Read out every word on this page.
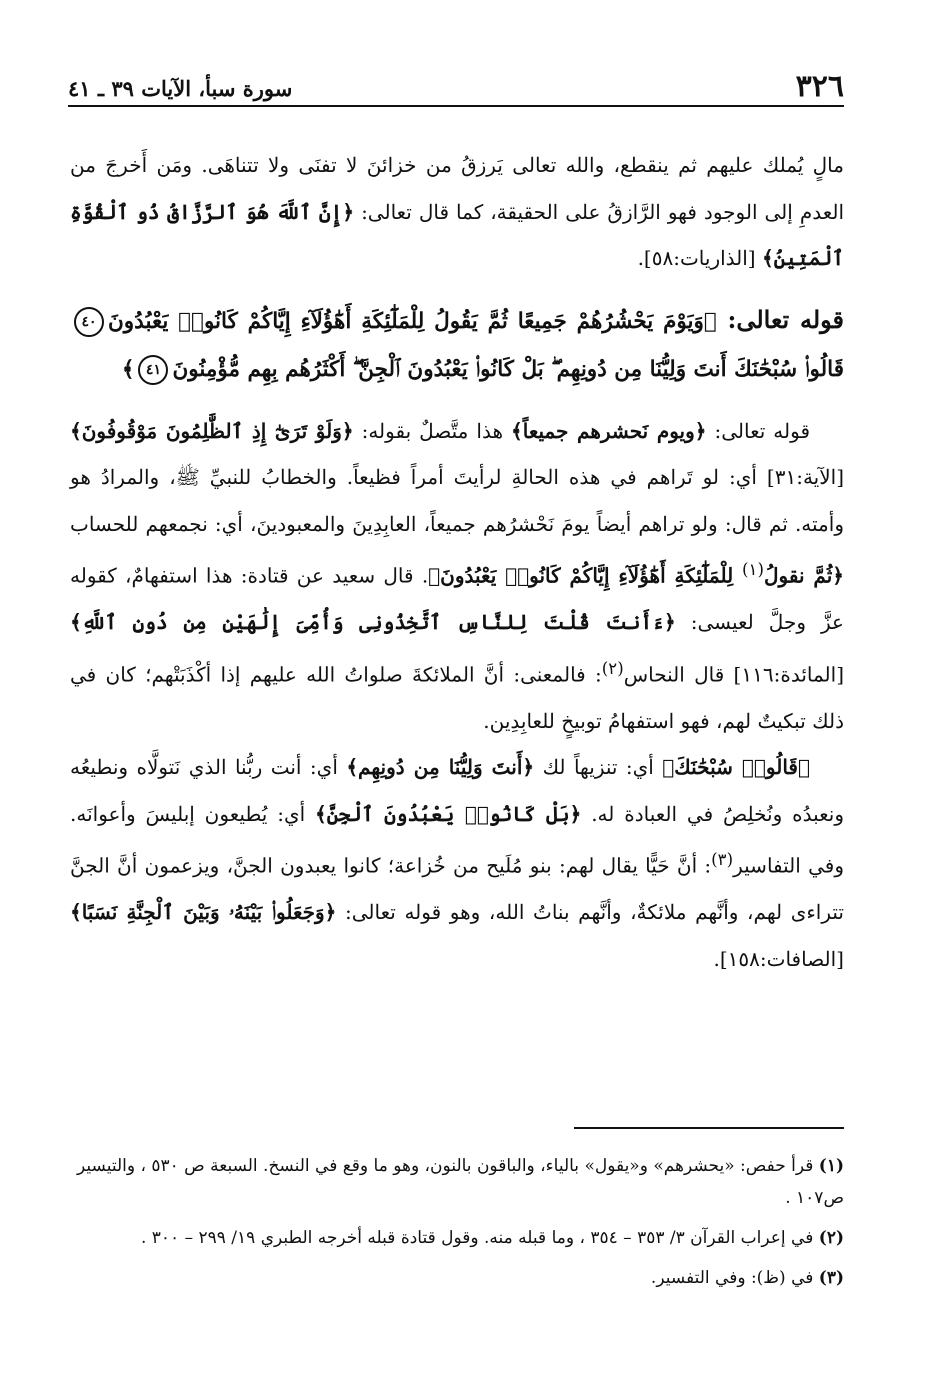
٣٢٦
سورة سبأ، الآيات ٣٩ ـ ٤١

مالٍ يُملك عليهم ثم ينقطع، والله تعالى يَرزقُ من خزائنَ لا تفنَى ولا تتناهَى. ومَن أَخرجَ من العدمِ إلى الوجود فهو الرَّازقُ على الحقيقة، كما قال تعالى: ﴿إِنَّ ٱللَّهَ هُوَ ٱلرَّزَّاقُ ذُو ٱلْقُوَّةِ ٱلْمَتِينُ﴾ [الذاريات:٥٨].

قوله تعالى: ﴿وَيَوْمَ يَحْشُرُهُمْ جَمِيعًا ثُمَّ يَقُولُ لِلْمَلَٰٓئِكَةِ أَهَٰٓؤُلَآءِ إِيَّاكُمْ كَانُوا۟ يَعْبُدُونَ٤٠قَالُوا۟ سُبْحَٰنَكَ أَنتَ وَلِيُّنَا مِن دُونِهِم ۖ بَلْ كَانُوا۟ يَعْبُدُونَ ٱلْجِنَّ ۖ أَكْثَرُهُم بِهِم مُّؤْمِنُونَ٤١﴾

قوله تعالى: ﴿ويوم نَحشرهم جميعاً﴾ هذا متَّصلٌ بقوله: ﴿وَلَوْ تَرَىٰٓ إِذِ ٱلظَّٰلِمُونَ مَوْقُوفُونَ﴾ [الآية:٣١] أي: لو تَراهم في هذه الحالةِ لرأيتَ أمراً فظيعاً. والخطابُ للنبيِّ ﷺ، والمرادُ هو وأمته. ثم قال: ولو تراهم أيضاً يومَ نَحْشرُهم جميعاً، العابِدِينَ والمعبودينَ، أي: نجمعهم للحساب ﴿ثُمَّ نقولُ$^{(١)}$ لِلْمَلَٰٓئِكَةِ أَهَٰٓؤُلَآءِ إِيَّاكُمْ كَانُوا۟ يَعْبُدُونَ﴾. قال سعيد عن قتادة: هذا استفهامٌ، كقوله عزَّ وجلَّ لعيسى: ﴿ءَأَنتَ قُلْتَ لِلنَّاسِ ٱتَّخِذُونِى وَأُمِّىَ إِلَٰهَيْنِ مِن دُونِ ٱللَّهِ﴾ [المائدة:١١٦] قال النحاس$^{(٢)}$: فالمعنى: أنَّ الملائكةَ صلواتُ الله عليهم إذا أكْذَبَتْهم؛ كان في ذلك تبكيتٌ لهم، فهو استفهامُ توبيخٍ للعابِدِين.

﴿قَالُوا۟ سُبْحَٰنَكَ﴾ أي: تنزيهاً لك ﴿أَنتَ وَلِيُّنَا مِن دُونِهِم﴾ أي: أنت ربُّنا الذي نَتولَّاه ونطيعُه ونعبدُه ونُخلِصُ في العبادة له. ﴿بَلْ كَانُوا۟ يَعْبُدُونَ ٱلْجِنَّ﴾ أي: يُطيعون إبليسَ وأعوانَه. وفي التفاسير$^{(٣)}$: أنَّ حَيًّا يقال لهم: بنو مُلَيح من خُزاعة؛ كانوا يعبدون الجنَّ، ويزعمون أنَّ الجنَّ تتراءى لهم، وأنَّهم ملائكةٌ، وأنَّهم بناتُ الله، وهو قوله تعالى: ﴿وَجَعَلُوا۟ بَيْنَهُۥ وَبَيْنَ ٱلْجِنَّةِ نَسَبًا﴾ [الصافات:١٥٨].

(١) قرأ حفص: «يحشرهم» و«يقول» بالياء، والباقون بالنون، وهو ما وقع في النسخ. السبعة ص ٥٣٠ ، والتيسير ص١٠٧ .

(٢) في إعراب القرآن ٣/ ٣٥٣ – ٣٥٤ ، وما قبله منه. وقول قتادة قبله أخرجه الطبري ١٩/ ٢٩٩ – ٣٠٠ .

(٣) في (ظ): وفي التفسير.
